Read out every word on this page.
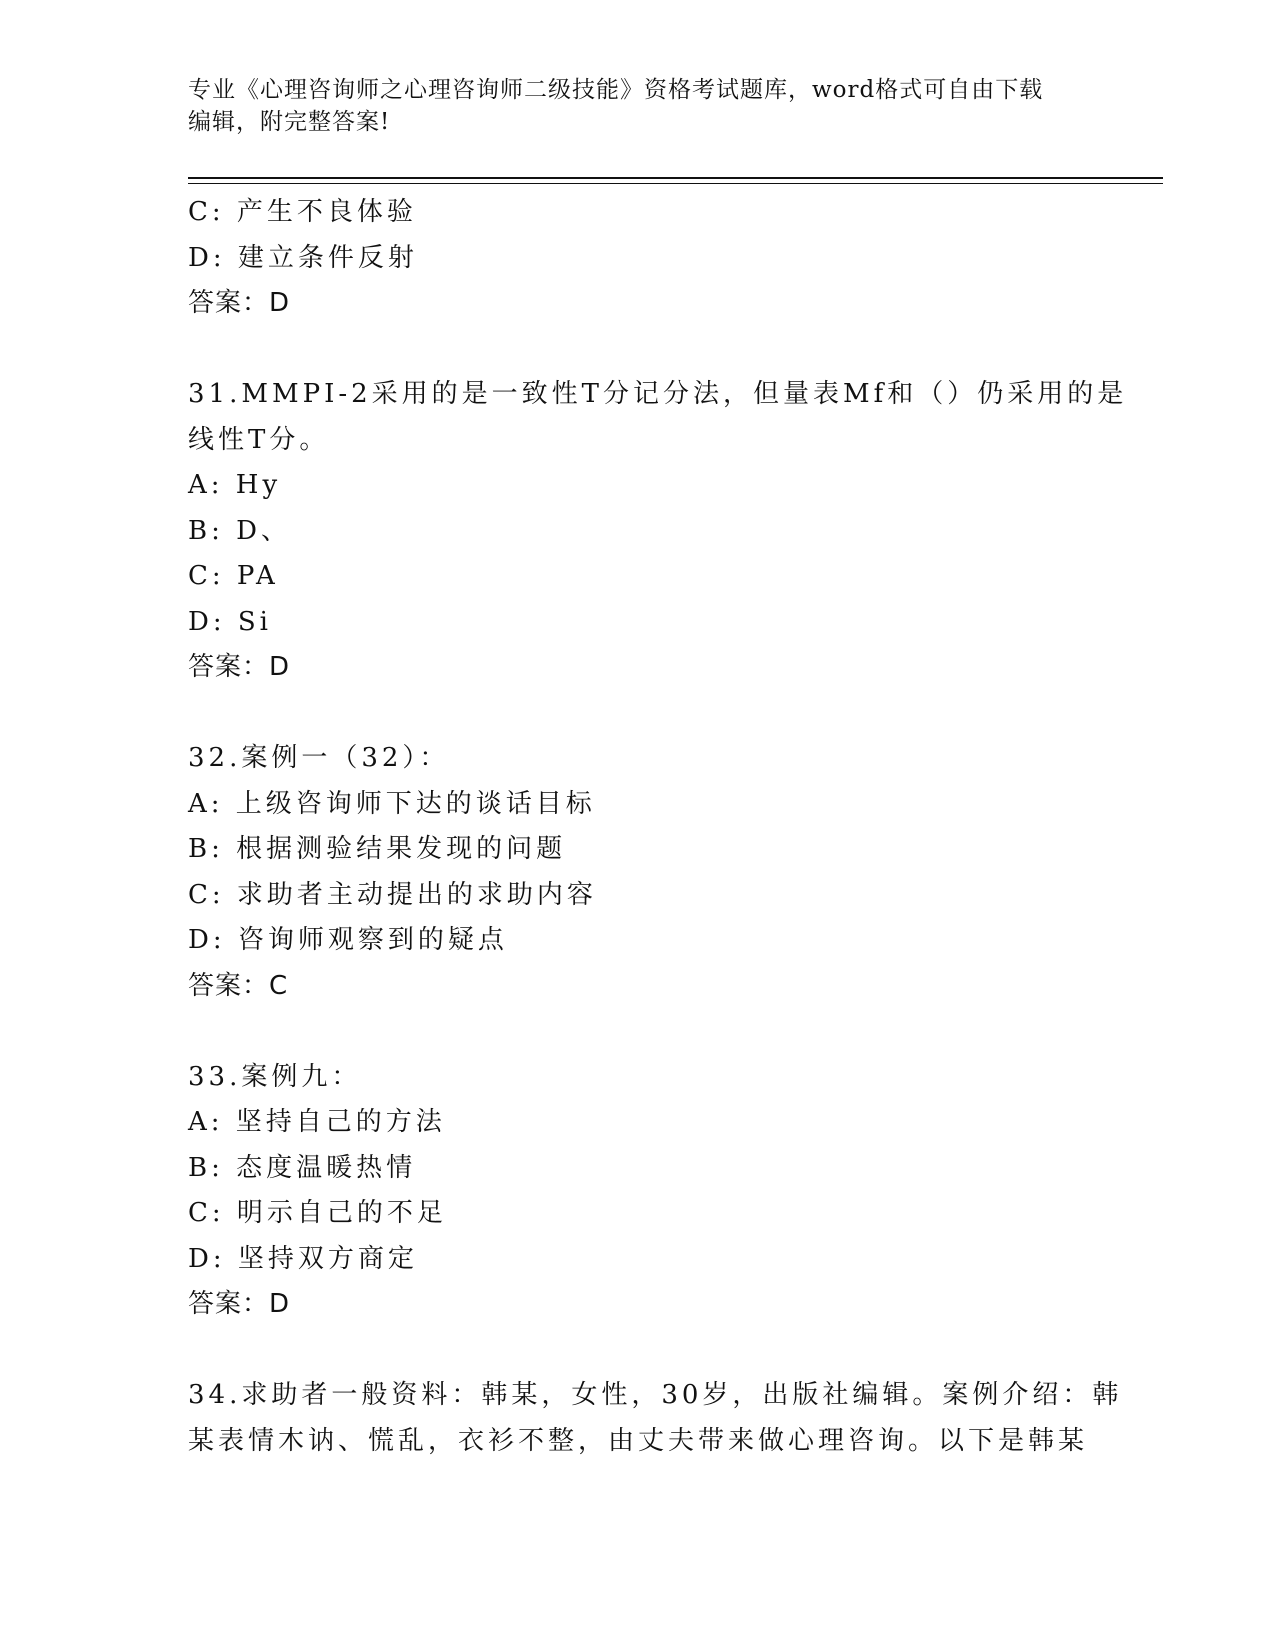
专业《心理咨询师之心理咨询师二级技能》资格考试题库，word格式可自由下载
编辑，附完整答案!
C: 产生不良体验
D: 建立条件反射
答案：D
31.MMPI-2采用的是一致性T分记分法，但量表Mf和（）仍采用的是
线性T分。
A: Hy
B: D、
C: PA
D: Si
答案：D
32.案例一（32）：
A: 上级咨询师下达的谈话目标
B: 根据测验结果发现的问题
C: 求助者主动提出的求助内容
D: 咨询师观察到的疑点
答案：C
33.案例九：
A: 坚持自己的方法
B: 态度温暖热情
C: 明示自己的不足
D: 坚持双方商定
答案：D
34.求助者一般资料：韩某，女性，30岁，出版社编辑。案例介绍：韩
某表情木讷、慌乱，衣衫不整，由丈夫带来做心理咨询。以下是韩某
